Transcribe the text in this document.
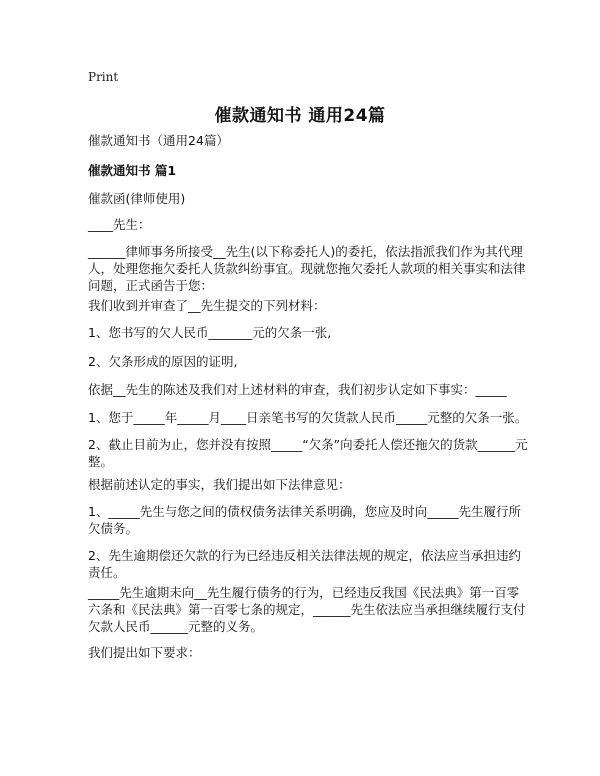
Print
催款通知书 通用24篇
催款通知书（通用24篇）
催款通知书 篇1
催款函(律师使用)
____先生：
______律师事务所接受__先生(以下称委托人)的委托，依法指派我们作为其代理人，处理您拖欠委托人货款纠纷事宜。现就您拖欠委托人款项的相关事实和法律问题，正式函告于您：
我们收到并审查了__先生提交的下列材料：
1、您书写的欠人民币_______元的欠条一张,
2、欠条形成的原因的证明,
依据__先生的陈述及我们对上述材料的审查，我们初步认定如下事实：_____
1、您于_____年_____月____日亲笔书写的欠货款人民币_____元整的欠条一张。
2、截止目前为止，您并没有按照_____“欠条”向委托人偿还拖欠的货款______元整。
根据前述认定的事实，我们提出如下法律意见：
1、_____先生与您之间的债权债务法律关系明确，您应及时向_____先生履行所欠债务。
2、先生逾期偿还欠款的行为已经违反相关法律法规的规定，依法应当承担违约责任。
_____先生逾期未向__先生履行债务的行为，已经违反我国《民法典》第一百零六条和《民法典》第一百零七条的规定，______先生依法应当承担继续履行支付欠款人民币______元整的义务。
我们提出如下要求：
